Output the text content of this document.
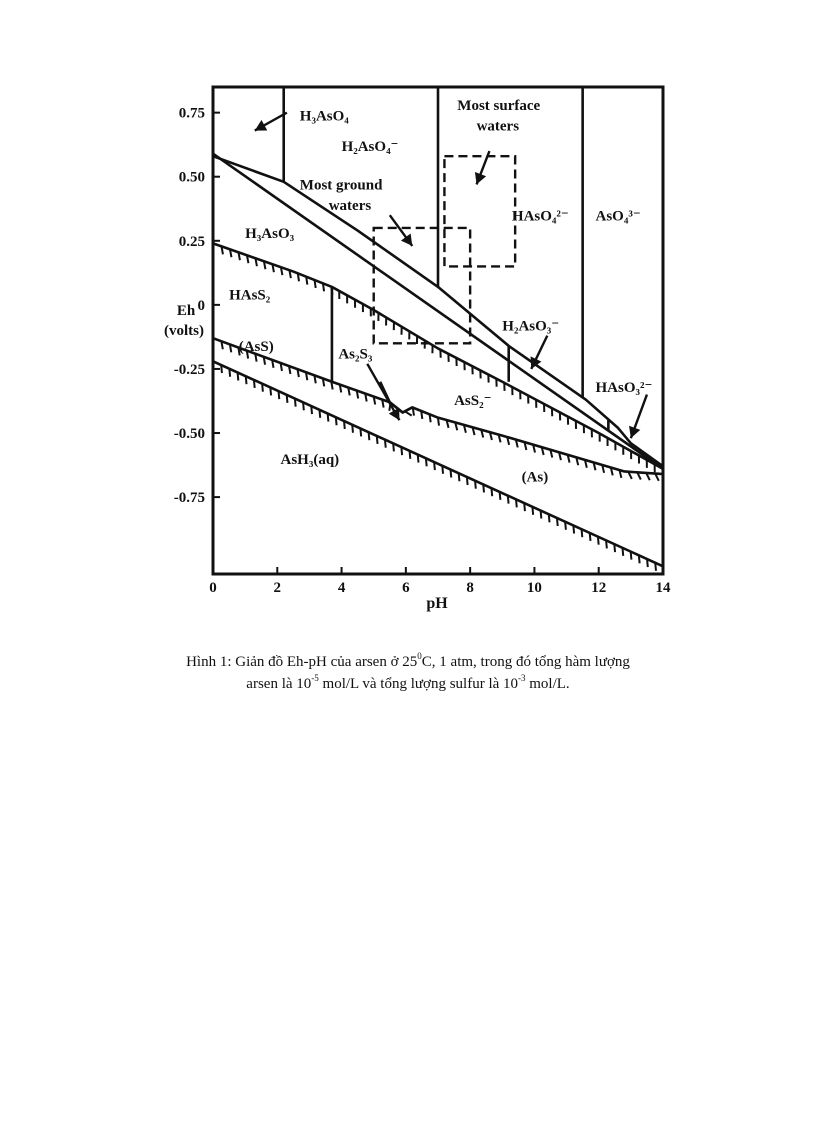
0	2	4	6	8	10	12	14
0.75
0.50
0.25
0
-0.25
-0.50
-0.75
H₃AsO₄
H₂AsO₄⁻
Most surface
waters
Most ground
waters
HAsO₄²⁻ AsO₄³⁻
H₃AsO₃
HAsS₂
(AsS)	As₂S₃
H₂AsO₃⁻
AsS₂⁻
HAsO₃²⁻
AsH₃(aq)
(As)
Eh
(volts)
pH
Hình 1: Giản đồ Eh-pH của arsen ở $25^0C$, 1 atm, trong đó tổng hàm lượng
arsen là $10^{-5}$ mol/L và tổng lượng sulfur là $10^{-3}$ mol/L.
